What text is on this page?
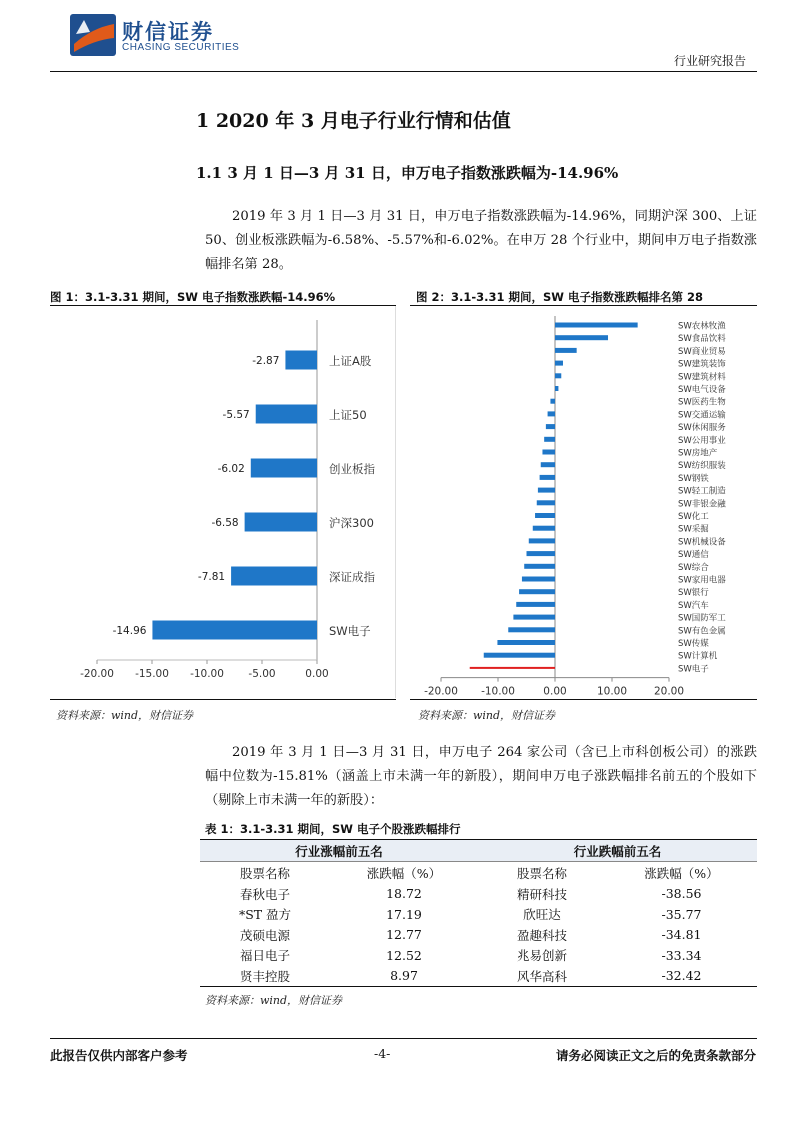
财信证券
CHASING SECURITIES
行业研究报告
1 2020 年 3 月电子行业行情和估值
1.1 3 月 1 日—3 月 31 日，申万电子指数涨跌幅为-14.96%
2019 年 3 月 1 日—3 月 31 日，申万电子指数涨跌幅为-14.96%，同期沪深 300、上证 50、创业板涨跌幅为-6.58%、-5.57%和-6.02%。在申万 28 个行业中，期间申万电子指数涨幅排名第 28。
图 1：3.1-3.31 期间，SW 电子指数涨跌幅-14.96%
-2.87	上证A股
-5.57	上证50
-6.02	创业板指
-6.58	沪深300
-7.81	深证成指
-14.96	SW电子
-20.00 -15.00 -10.00 -5.00	0.00
资料来源：wind，财信证券
图 2：3.1-3.31 期间，SW 电子指数涨跌幅排名第 28
SW农林牧渔
SW食品饮料
SW商业贸易
SW建筑装饰
SW建筑材料
SW电气设备
SW医药生物
SW交通运输
SW休闲服务
SW公用事业
SW房地产
SW纺织服装
SW钢铁
SW轻工制造
SW非银金融
SW化工
SW采掘
SW机械设备
SW通信
SW综合
SW家用电器
SW银行
SW汽车
SW国防军工
SW有色金属
SW传媒
SW计算机
SW电子
-20.00 -10.00	0.00	10.00	20.00
资料来源：wind，财信证券
2019 年 3 月 1 日—3 月 31 日，申万电子 264 家公司（含已上市科创板公司）的涨跌幅中位数为-15.81%（涵盖上市未满一年的新股），期间申万电子涨跌幅排名前五的个股如下（剔除上市未满一年的新股）：
表 1：3.1-3.31 期间，SW 电子个股涨跌幅排行
行业涨幅前五名		行业跌幅前五名	
股票名称	涨跌幅（%）	股票名称	涨跌幅（%）
春秋电子	18.72	精研科技	-38.56
*ST 盈方	17.19	欣旺达	-35.77
茂硕电源	12.77	盈趣科技	-34.81
福日电子	12.52	兆易创新	-33.34
贤丰控股	8.97	风华高科	-32.42
资料来源：wind，财信证券
此报告仅供内部客户参考	-4-	请务必阅读正文之后的免责条款部分
